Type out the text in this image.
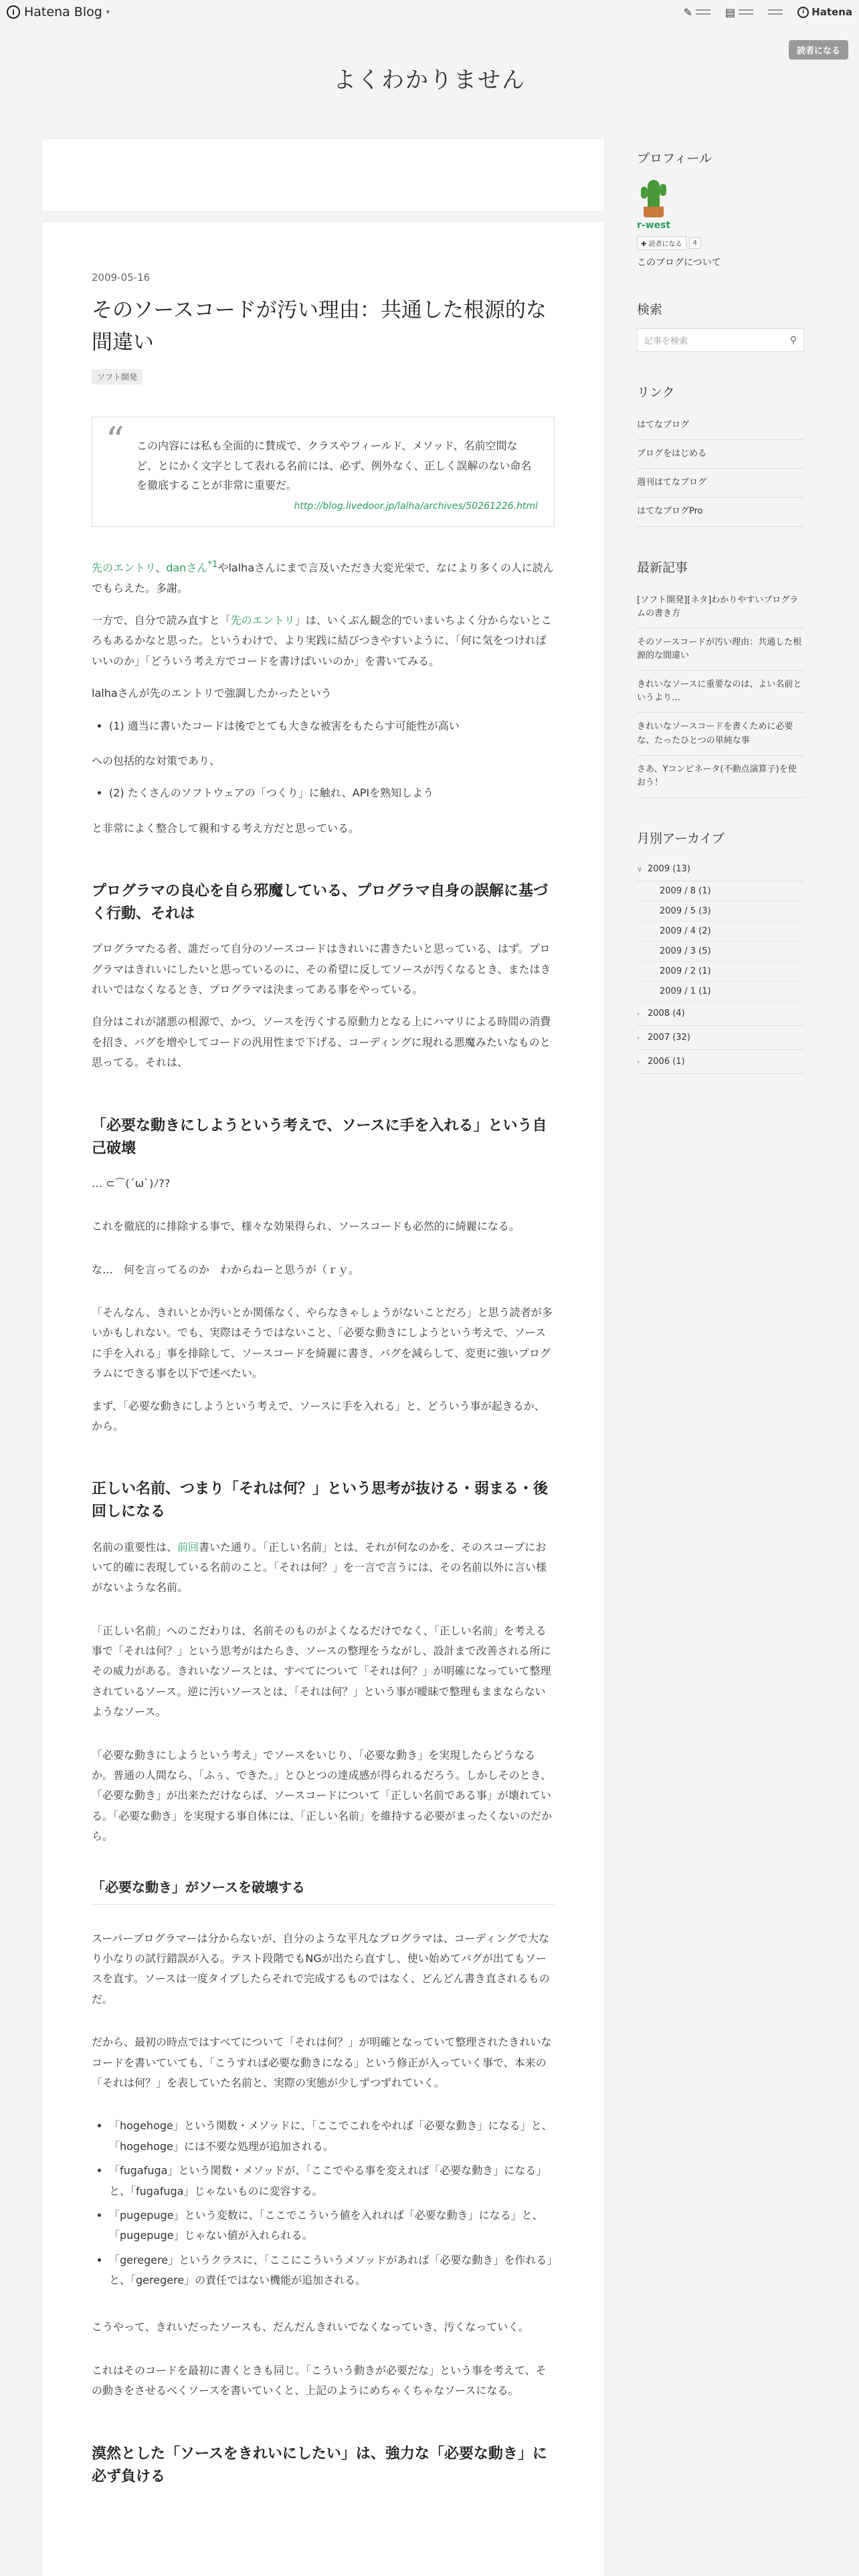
i Hatena Blog ▾	✎	▤	i Hatena
読者になる
よくわかりません
2009-05-16
そのソースコードが汚い理由：共通した根源的な間違い
ソフト開発
“ この内容には私も全面的に賛成で、クラスやフィールド、メソッド、名前空間など、とにかく文字として表れる名前には、必ず、例外なく、正しく誤解のない命名を徹底することが非常に重要だ。
http://blog.livedoor.jp/lalha/archives/50261226.html

先のエントリ、danさん$^{*1}$やlalhaさんにまで言及いただき大変光栄で、なにより多くの人に読んでもらえた。多謝。

一方で、自分で読み直すと「先のエントリ」は、いくぶん観念的でいまいちよく分からないところもあるかなと思った。というわけで、より実践に結びつきやすいように、「何に気をつければいいのか」「どういう考え方でコードを書けばいいのか」を書いてみる。

lalhaさんが先のエントリで強調したかったという

• (1) 適当に書いたコードは後でとても大きな被害をもたらす可能性が高い

への包括的な対策であり、

• (2) たくさんのソフトウェアの「つくり」に触れ、APIを熟知しよう

と非常によく整合して親和する考え方だと思っている。

プログラマの良心を自ら邪魔している、プログラマ自身の誤解に基づく行動、それは

プログラマたる者、誰だって自分のソースコードはきれいに書きたいと思っている、はず。プログラマはきれいにしたいと思っているのに、その希望に反してソースが汚くなるとき、またはきれいではなくなるとき、プログラマは決まってある事をやっている。

自分はこれが諸悪の根源で、かつ、ソースを汚くする原動力となる上にハマリによる時間の消費を招き、バグを増やしてコードの汎用性まで下げる、コーディングに現れる悪魔みたいなものと思ってる。それは、

「必要な動きにしようという考えで、ソースに手を入れる」という自己破壊

… ⊂⌒(´ω`)ﾉ??

これを徹底的に排除する事で、様々な効果得られ、ソースコードも必然的に綺麗になる。

な…　何を言ってるのか　わからねーと思うが（ｒｙ。

「そんなん、きれいとか汚いとか関係なく、やらなきゃしょうがないことだろ」と思う読者が多いかもしれない。でも、実際はそうではないこと、「必要な動きにしようという考えで、ソースに手を入れる」事を排除して、ソースコードを綺麗に書き、バグを減らして、変更に強いプログラムにできる事を以下で述べたい。

まず、「必要な動きにしようという考えで、ソースに手を入れる」と、どういう事が起きるか、から。

正しい名前、つまり「それは何？」という思考が抜ける・弱まる・後回しになる

名前の重要性は、前回書いた通り。「正しい名前」とは、それが何なのかを、そのスコープにおいて的確に表現している名前のこと。「それは何？」を一言で言うには、その名前以外に言い様がないような名前。

「正しい名前」へのこだわりは、名前そのものがよくなるだけでなく、「正しい名前」を考える事で「それは何？」という思考がはたらき、ソースの整理をうながし、設計まで改善される所にその威力がある。きれいなソースとは、すべてについて「それは何？」が明確になっていて整理されているソース。逆に汚いソースとは、「それは何？」という事が曖昧で整理もままならないようなソース。

「必要な動きにしようという考え」でソースをいじり、「必要な動き」を実現したらどうなるか。普通の人間なら、「ふぅ、できた。」とひとつの達成感が得られるだろう。しかしそのとき、「必要な動き」が出来ただけならば、ソースコードについて「正しい名前である事」が壊れている。「必要な動き」を実現する事自体には、「正しい名前」を維持する必要がまったくないのだから。

「必要な動き」がソースを破壊する

スーパープログラマーは分からないが、自分のような平凡なプログラマは、コーディングで大なり小なりの試行錯誤が入る。テスト段階でもNGが出たら直すし、使い始めてバグが出てもソースを直す。ソースは一度タイプしたらそれで完成するものではなく、どんどん書き直されるものだ。

だから、最初の時点ではすべてについて「それは何？」が明確となっていて整理されたきれいなコードを書いていても、「こうすれば必要な動きになる」という修正が入っていく事で、本来の「それは何？」を表していた名前と、実際の実態が少しずつずれていく。

• 「hogehoge」という関数・メソッドに、「ここでこれをやれば「必要な動き」になる」と、「hogehoge」には不要な処理が追加される。
• 「fugafuga」という関数・メソッドが、「ここでやる事を変えれば「必要な動き」になる」と、「fugafuga」じゃないものに変容する。
• 「pugepuge」という変数に、「ここでこういう値を入れれば「必要な動き」になる」と、「pugepuge」じゃない値が入れられる。
• 「geregere」というクラスに、「ここにこういうメソッドがあれば「必要な動き」を作れる」と、「geregere」の責任ではない機能が追加される。

こうやって、きれいだったソースも、だんだんきれいでなくなっていき、汚くなっていく。

これはそのコードを最初に書くときも同じ。「こういう動きが必要だな」という事を考えて、その動きをさせるべくソースを書いていくと、上記のようにめちゃくちゃなソースになる。

漠然とした「ソースをきれいにしたい」は、強力な「必要な動き」に必ず負ける
プロフィール
r-west
✚ 読者になる	4
このブログについて
検索
記事を検索	⚲
リンク
はてなブログ
ブログをはじめる
週刊はてなブログ
はてなブログPro
最新記事
[ソフト開発][ネタ]わかりやすいプログラムの書き方
そのソースコードが汚い理由：共通した根源的な間違い
きれいなソースに重要なのは、よい名前というより…
きれいなソースコードを書くために必要な、たったひとつの単純な事
さあ、Yコンビネータ(不動点演算子)を使おう！
月別アーカイブ
∨ 2009 (13)
2009 / 8 (1)
2009 / 5 (3)
2009 / 4 (2)
2009 / 3 (5)
2009 / 2 (1)
2009 / 1 (1)
› 2008 (4)
› 2007 (32)
› 2006 (1)
